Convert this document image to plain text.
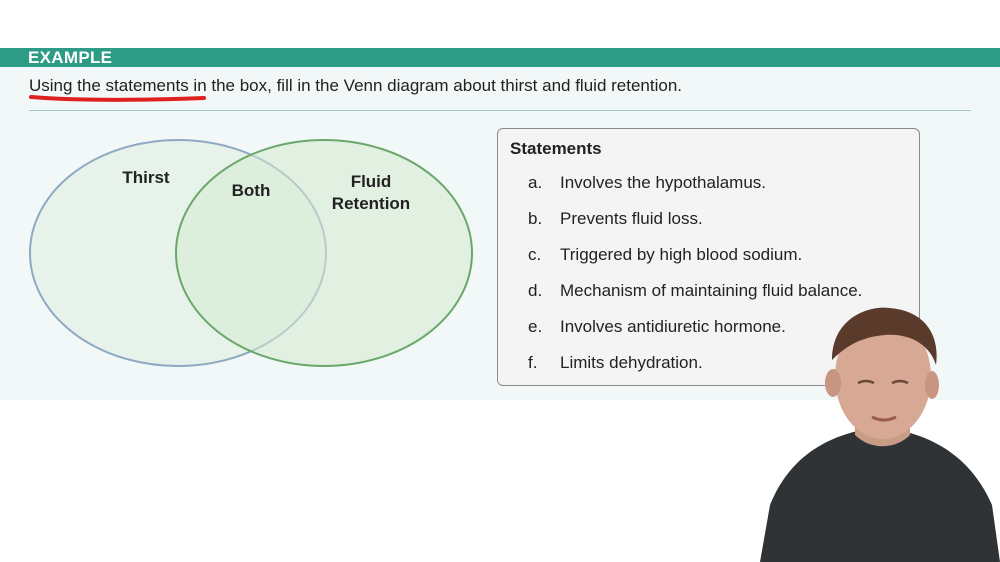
EXAMPLE
Using the statements in the box, fill in the Venn diagram about thirst and fluid retention.
Thirst
Both	Fluid
Retention
Statements
a. Involves the hypothalamus.
b. Prevents fluid loss.
c. Triggered by high blood sodium.
d. Mechanism of maintaining fluid balance.
e. Involves antidiuretic hormone.
f. Limits dehydration.
